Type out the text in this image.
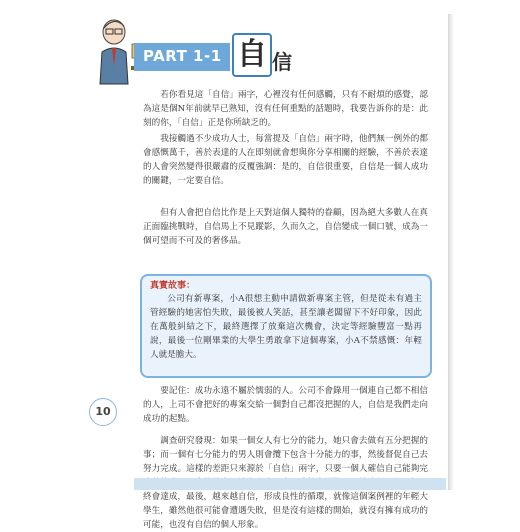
PART 1-1 自 信

若你看見這「自信」兩字，心裡沒有任何感觸，只有不耐煩的感覺，認為這是個N年前就早已熟知，沒有任何重點的話題時，我要告訴你的是：此刻的你，「自信」正是你所缺乏的。

我接觸過不少成功人士，每當提及「自信」兩字時，他們無一例外的都會感慨萬千，善於表達的人在即刻就會想與你分享相關的經驗，不善於表達的人會突然變得很嚴肅的反覆強調：是的，自信很重要，自信是一個人成功的關鍵，一定要自信。

但有人會把自信比作是上天對這個人獨特的眷顧，因為絕大多數人在真正面臨挑戰時，自信馬上不見蹤影，久而久之，自信變成一個口號，成為一個可望而不可及的奢侈品。

真實故事：

公司有新專案，小A很想主動申請做新專案主管，但是從未有過主管經驗的她害怕失敗，最後被人笑話，甚至讓老闆留下不好印象，因此在萬般糾結之下，最終選擇了放棄這次機會，決定等經驗豐富一點再說，最後一位剛畢業的大學生勇敢拿下這個專案，小A不禁感慨：年輕人就是膽大。

要記住：成功永遠不屬於懦弱的人。公司不會錄用一個連自己都不相信的人，上司不會把好的專案交給一個對自己都沒把握的人，自信是我們走向成功的起點。

調查研究發現：如果一個女人有七分的能力，她只會去做有五分把握的事；而一個有七分能力的男人則會攬下包含十分能力的事，然後督促自己去努力完成。這樣的差距只來源於「自信」兩字，只要一個人確信自己能夠完 終會達成，最後，越來越自信，形成良性的循環，就像這個案例裡的年輕大學生，雖然他很可能會遭遇失敗，但是沒有這樣的開始，就沒有擁有成功的可能，也沒有自信的個人形象。

10
